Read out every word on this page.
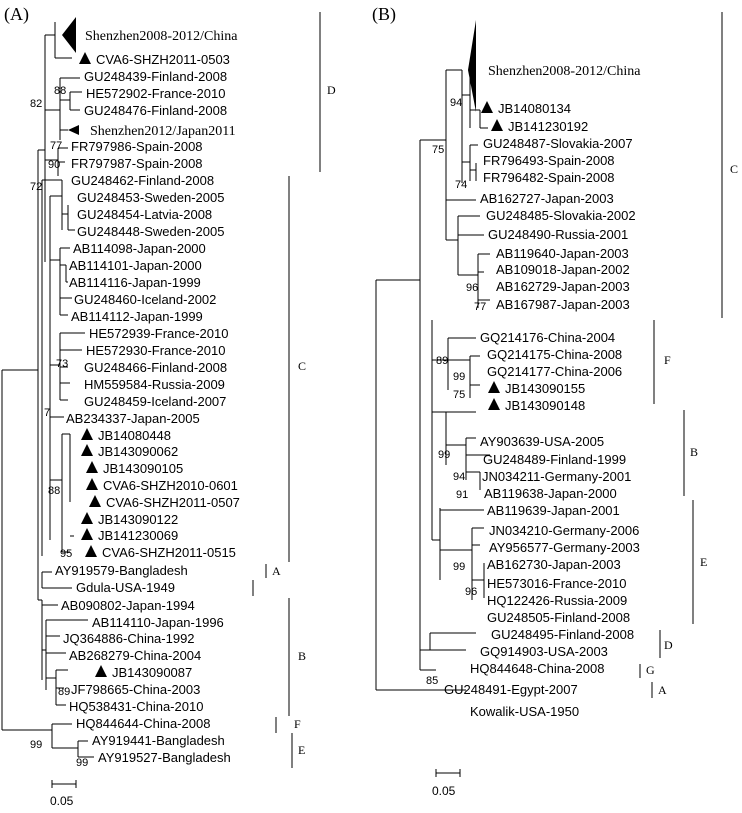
(A)
Shenzhen2008-2012/China
CVA6-SHZH2011-0503
GU248439-Finland-2008
HE572902-France-2010
GU248476-Finland-2008
Shenzhen2012/Japan2011
FR797986-Spain-2008
FR797987-Spain-2008
GU248462-Finland-2008
GU248453-Sweden-2005
GU248454-Latvia-2008
GU248448-Sweden-2005
AB114098-Japan-2000
AB114101-Japan-2000
AB114116-Japan-1999
GU248460-Iceland-2002
AB114112-Japan-1999
HE572939-France-2010
HE572930-France-2010
GU248466-Finland-2008
HM559584-Russia-2009
GU248459-Iceland-2007
AB234337-Japan-2005
JB14080448
JB143090062
JB143090105
CVA6-SHZH2010-0601
CVA6-SHZH2011-0507
JB143090122
JB141230069
CVA6-SHZH2011-0515
AY919579-Bangladesh
Gdula-USA-1949
AB090802-Japan-1994
AB114110-Japan-1996
JQ364886-China-1992
AB268279-China-2004
JB143090087
JF798665-China-2003
HQ538431-China-2010
HQ844644-China-2008
AY919441-Bangladesh
AY919527-Bangladesh
88
82
77
90
72
73
7
88
95
89
99
99
D
C
A
B
F
E
0.05
(B)
Shenzhen2008-2012/China
JB14080134
JB141230192
GU248487-Slovakia-2007
FR796493-Spain-2008
FR796482-Spain-2008
AB162727-Japan-2003
GU248485-Slovakia-2002
GU248490-Russia-2001
AB119640-Japan-2003
AB109018-Japan-2002
AB162729-Japan-2003
AB167987-Japan-2003
GQ214176-China-2004
GQ214175-China-2008
GQ214177-China-2006
JB143090155
JB143090148
AY903639-USA-2005
GU248489-Finland-1999
JN034211-Germany-2001
AB119638-Japan-2000
AB119639-Japan-2001
JN034210-Germany-2006
AY956577-Germany-2003
AB162730-Japan-2003
HE573016-France-2010
HQ122426-Russia-2009
GU248505-Finland-2008
GU248495-Finland-2008
GQ914903-USA-2003
HQ844648-China-2008
GU248491-Egypt-2007
Kowalik-USA-1950
94
75
74
96
77
89
99
75
99
94
91
99
96
85
C
F
B
E
D
G
A
0.05
